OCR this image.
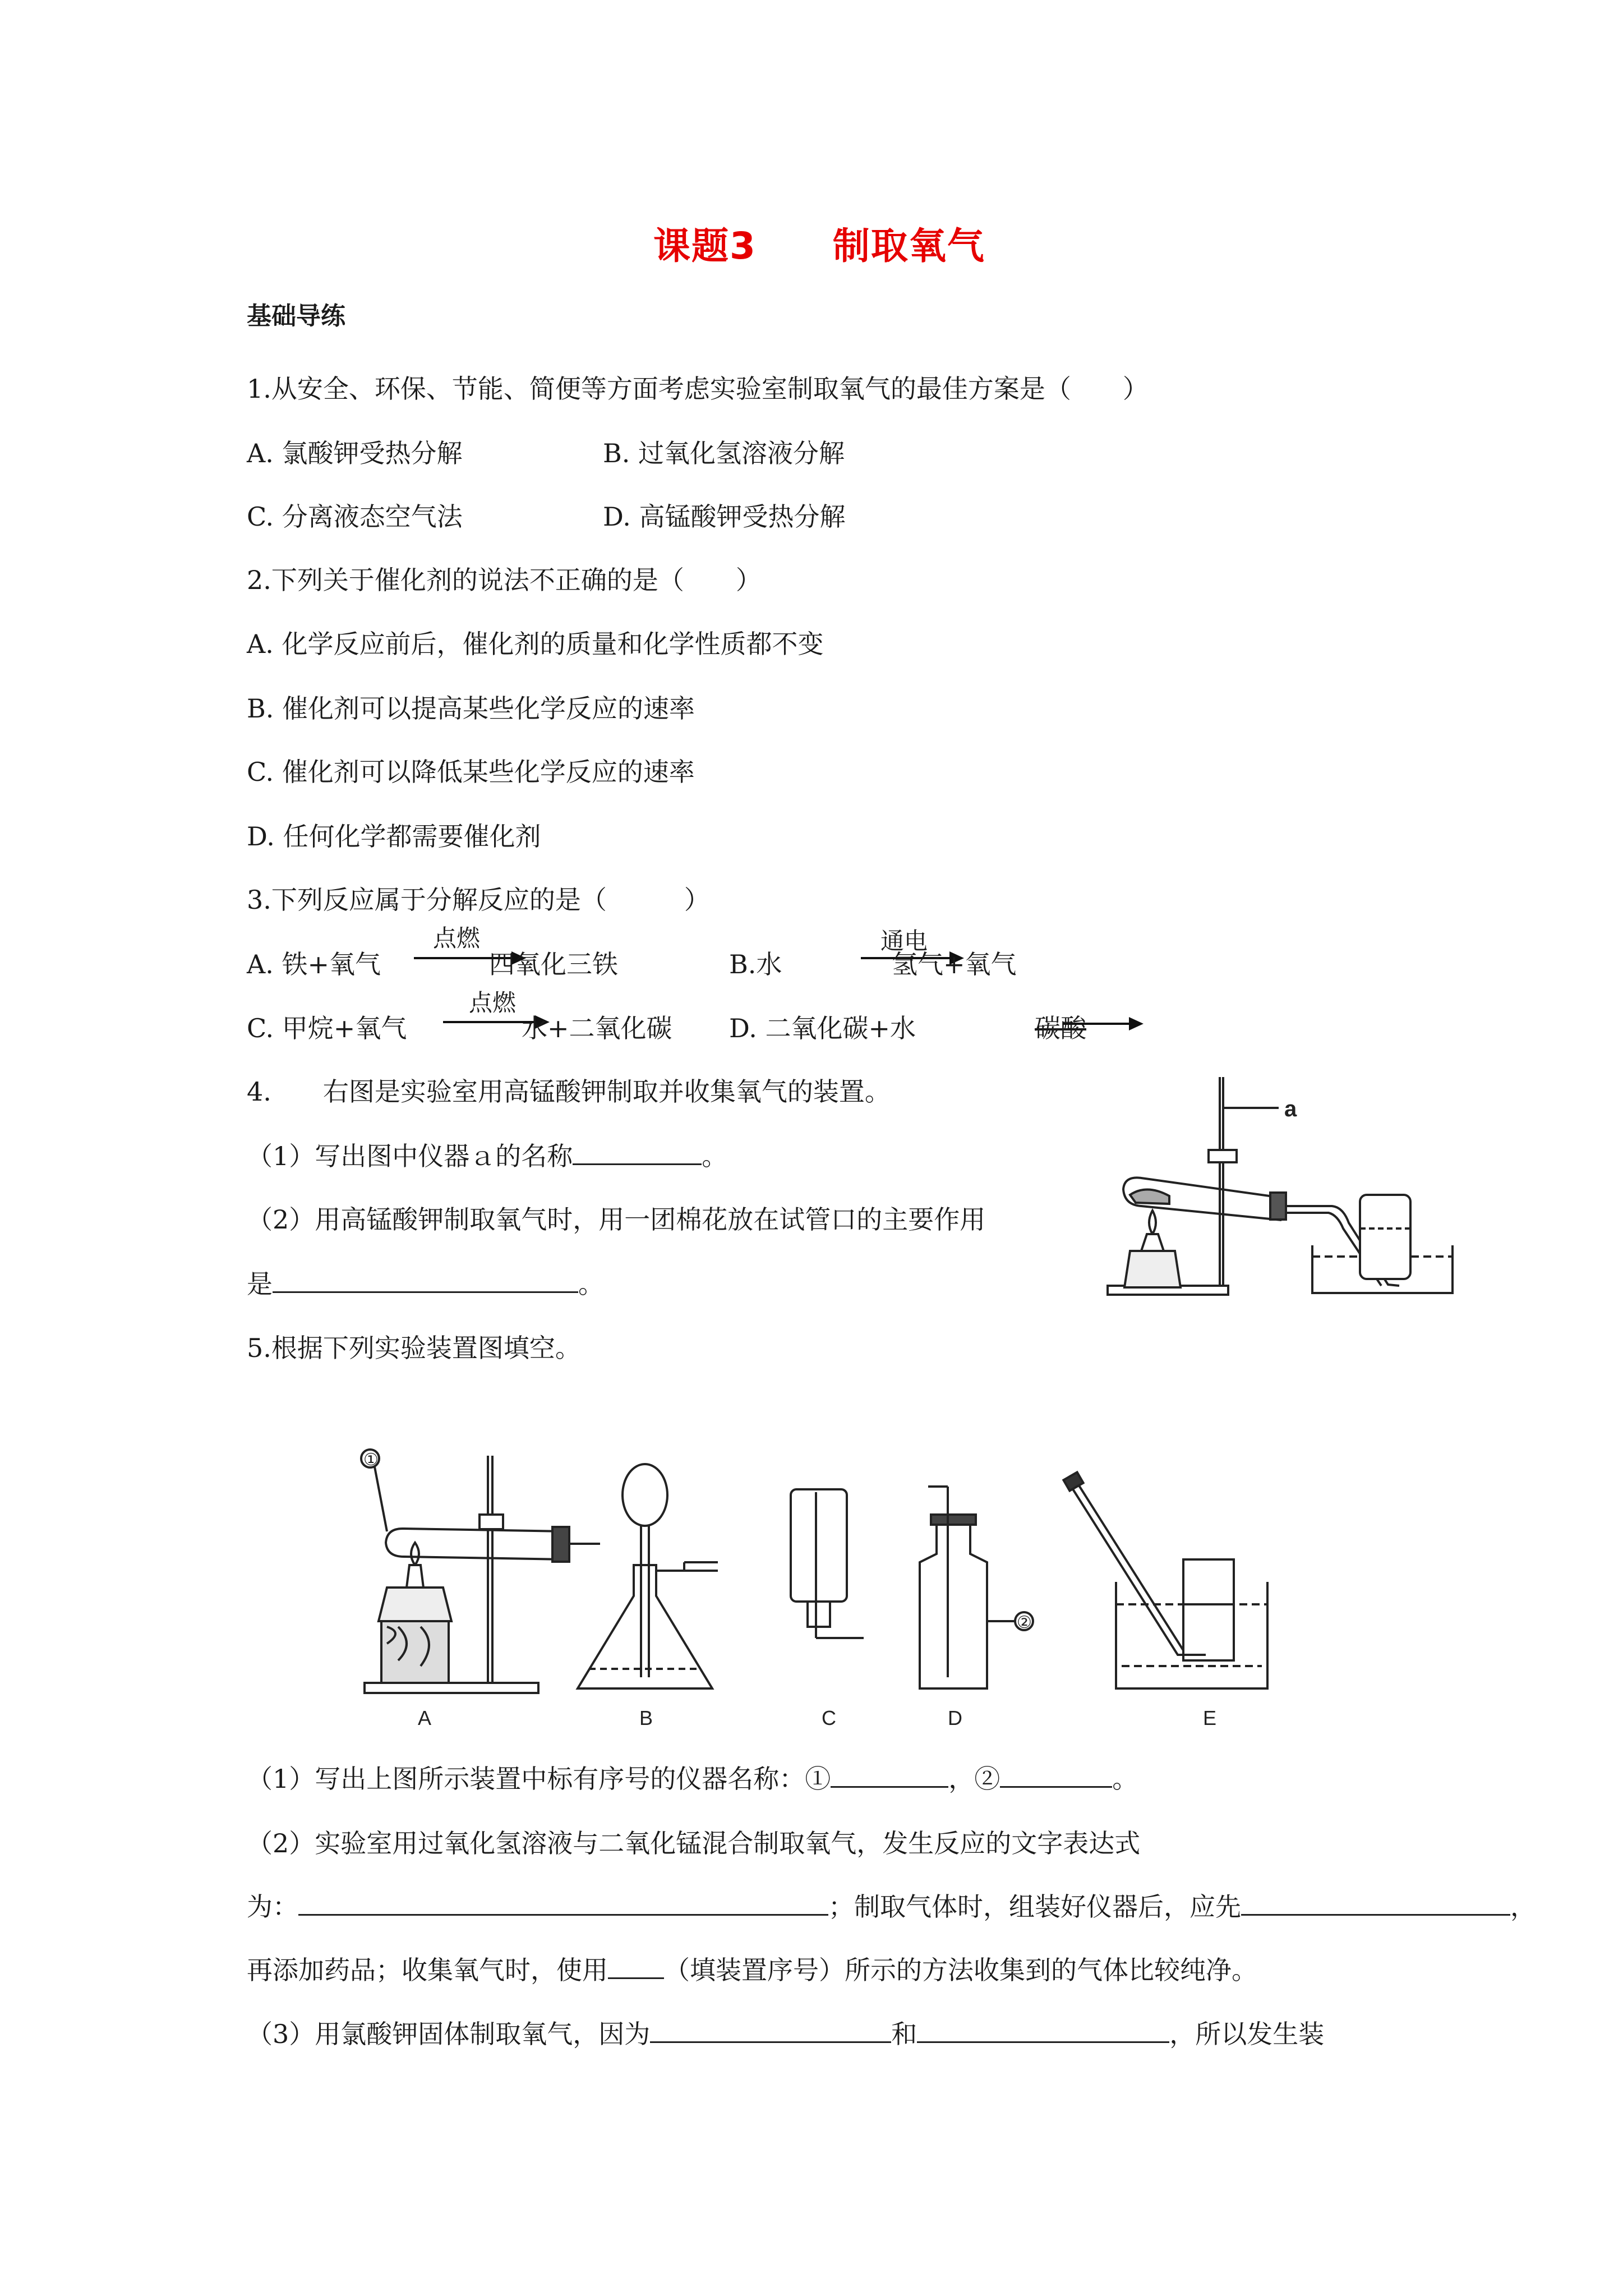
课题3　　制取氧气
基础导练
1.从安全、环保、节能、简便等方面考虑实验室制取氧气的最佳方案是（　　）
A. 氯酸钾受热分解	B. 过氧化氢溶液分解
C. 分离液态空气法	D. 高锰酸钾受热分解
2.下列关于催化剂的说法不正确的是（　　）
A. 化学反应前后，催化剂的质量和化学性质都不变
B. 催化剂可以提高某些化学反应的速率
C. 催化剂可以降低某些化学反应的速率
D. 任何化学都需要催化剂
3.下列反应属于分解反应的是（　　　）
A. 铁+氧气
点燃
四氧化三铁	B.水
通电
氢气+氧气
C. 甲烷+氧气
点燃
水+二氧化碳 D. 二氧化碳+水	碳酸
4.　　右图是实验室用高锰酸钾制取并收集氧气的装置。
（1）写出图中仪器ａ的名称	。
（2）用高锰酸钾制取氧气时，用一团棉花放在试管口的主要作用
是	。
a
5.根据下列实验装置图填空。
A	B	C	D	E
①
②
（1）写出上图所示装置中标有序号的仪器名称：①	，②	。
（2）实验室用过氧化氢溶液与二氧化锰混合制取氧气，发生反应的文字表达式
为：	；制取气体时，组装好仪器后，应先	，
再添加药品；收集氧气时，使用 （填装置序号）所示的方法收集到的气体比较纯净。
（3）用氯酸钾固体制取氧气，因为	和	，所以发生装
